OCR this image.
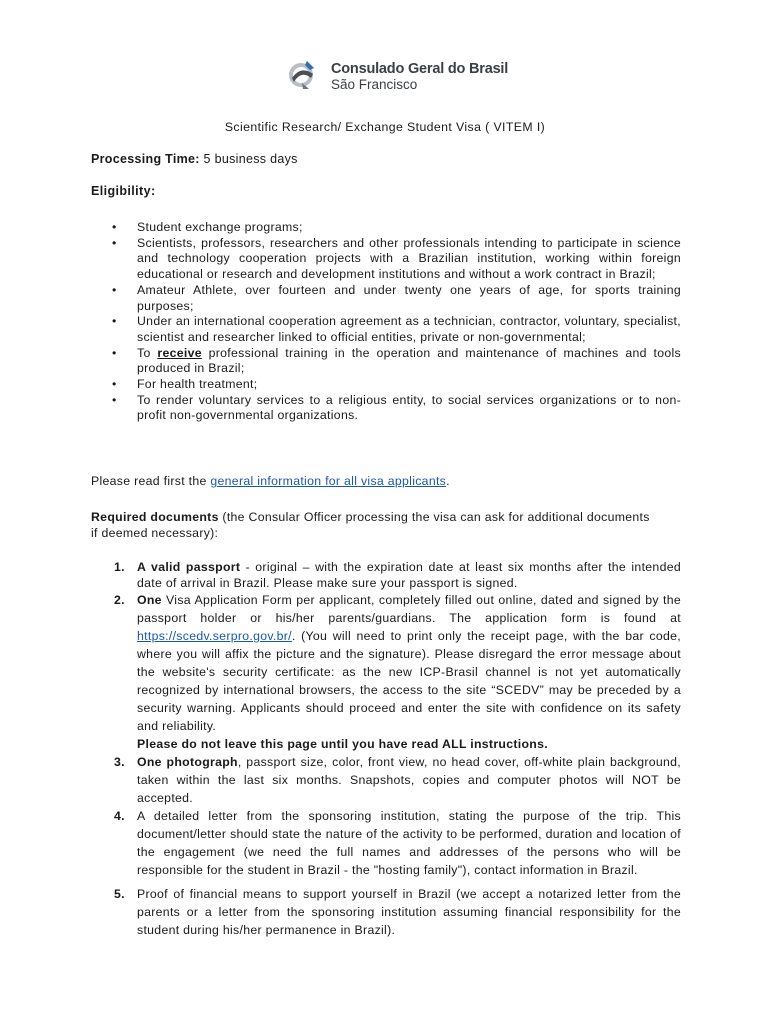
Consulado Geral do Brasil
São Francisco
Scientific Research/ Exchange Student Visa ( VITEM I)
Processing Time: 5 business days
Eligibility:
• Student exchange programs;
• Scientists, professors, researchers and other professionals intending to participate in science and technology cooperation projects with a Brazilian institution, working within foreign educational or research and development institutions and without a work contract in Brazil;
• Amateur Athlete, over fourteen and under twenty one years of age, for sports training purposes;
• Under an international cooperation agreement as a technician, contractor, voluntary, specialist, scientist and researcher linked to official entities, private or non-governmental;
• To receive professional training in the operation and maintenance of machines and tools produced in Brazil;
• For health treatment;
• To render voluntary services to a religious entity, to social services organizations or to non-profit non-governmental organizations.
Please read first the general information for all visa applicants.
Required documents (the Consular Officer processing the visa can ask for additional documents if deemed necessary):
1. A valid passport - original – with the expiration date at least six months after the intended date of arrival in Brazil. Please make sure your passport is signed.
2. One Visa Application Form per applicant, completely filled out online, dated and signed by the passport holder or his/her parents/guardians. The application form is found at https://scedv.serpro.gov.br/. (You will need to print only the receipt page, with the bar code, where you will affix the picture and the signature). Please disregard the error message about the website's security certificate: as the new ICP-Brasil channel is not yet automatically recognized by international browsers, the access to the site “SCEDV” may be preceded by a security warning. Applicants should proceed and enter the site with confidence on its safety and reliability.
Please do not leave this page until you have read ALL instructions.
3. One photograph, passport size, color, front view, no head cover, off-white plain background, taken within the last six months. Snapshots, copies and computer photos will NOT be accepted.
4. A detailed letter from the sponsoring institution, stating the purpose of the trip. This document/letter should state the nature of the activity to be performed, duration and location of the engagement (we need the full names and addresses of the persons who will be responsible for the student in Brazil - the "hosting family"), contact information in Brazil.
5. Proof of financial means to support yourself in Brazil (we accept a notarized letter from the parents or a letter from the sponsoring institution assuming financial responsibility for the student during his/her permanence in Brazil).
